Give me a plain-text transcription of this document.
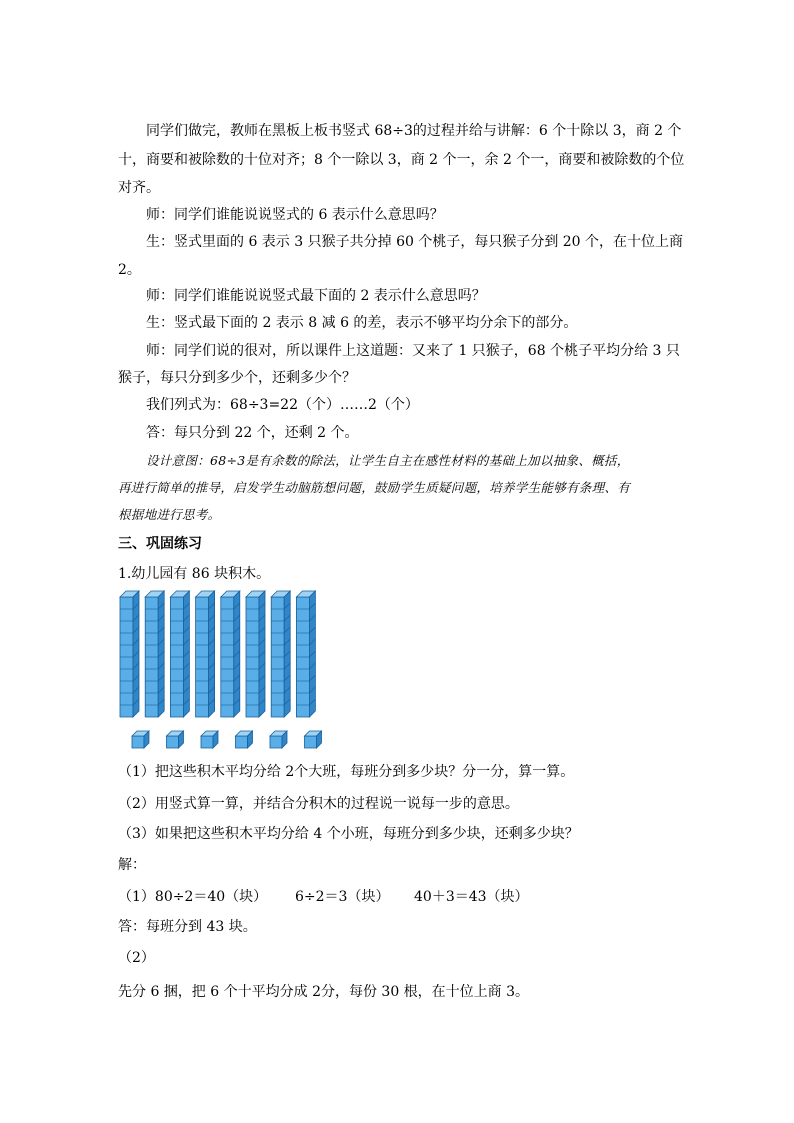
同学们做完，教师在黑板上板书竖式 68÷3的过程并给与讲解：6 个十除以 3，商 2 个
十，商要和被除数的十位对齐；8 个一除以 3，商 2 个一，余 2 个一，商要和被除数的个位
对齐。
师：同学们谁能说说竖式的 6 表示什么意思吗？
生：竖式里面的 6 表示 3 只猴子共分掉 60 个桃子，每只猴子分到 20 个，在十位上商
2。
师：同学们谁能说说竖式最下面的 2 表示什么意思吗？
生：竖式最下面的 2 表示 8 减 6 的差，表示不够平均分余下的部分。
师：同学们说的很对，所以课件上这道题：又来了 1 只猴子，68 个桃子平均分给 3 只
猴子，每只分到多少个，还剩多少个？
我们列式为：68÷3=22（个）……2（个）
答：每只分到 22 个，还剩 2 个。
设计意图：68÷3是有余数的除法，让学生自主在感性材料的基础上加以抽象、概括，
再进行简单的推导，启发学生动脑筋想问题，鼓励学生质疑问题，培养学生能够有条理、有
根据地进行思考。
三、巩固练习
1.幼儿园有 86 块积木。
（1）把这些积木平均分给 2个大班，每班分到多少块？分一分，算一算。
（2）用竖式算一算，并结合分积木的过程说一说每一步的意思。
（3）如果把这些积木平均分给 4 个小班，每班分到多少块，还剩多少块？
解：
（1）80÷2＝40（块） 6÷2＝3（块）	40＋3＝43（块）
答：每班分到 43 块。
（2）
先分 6 捆，把 6 个十平均分成 2分，每份 30 根，在十位上商 3。
